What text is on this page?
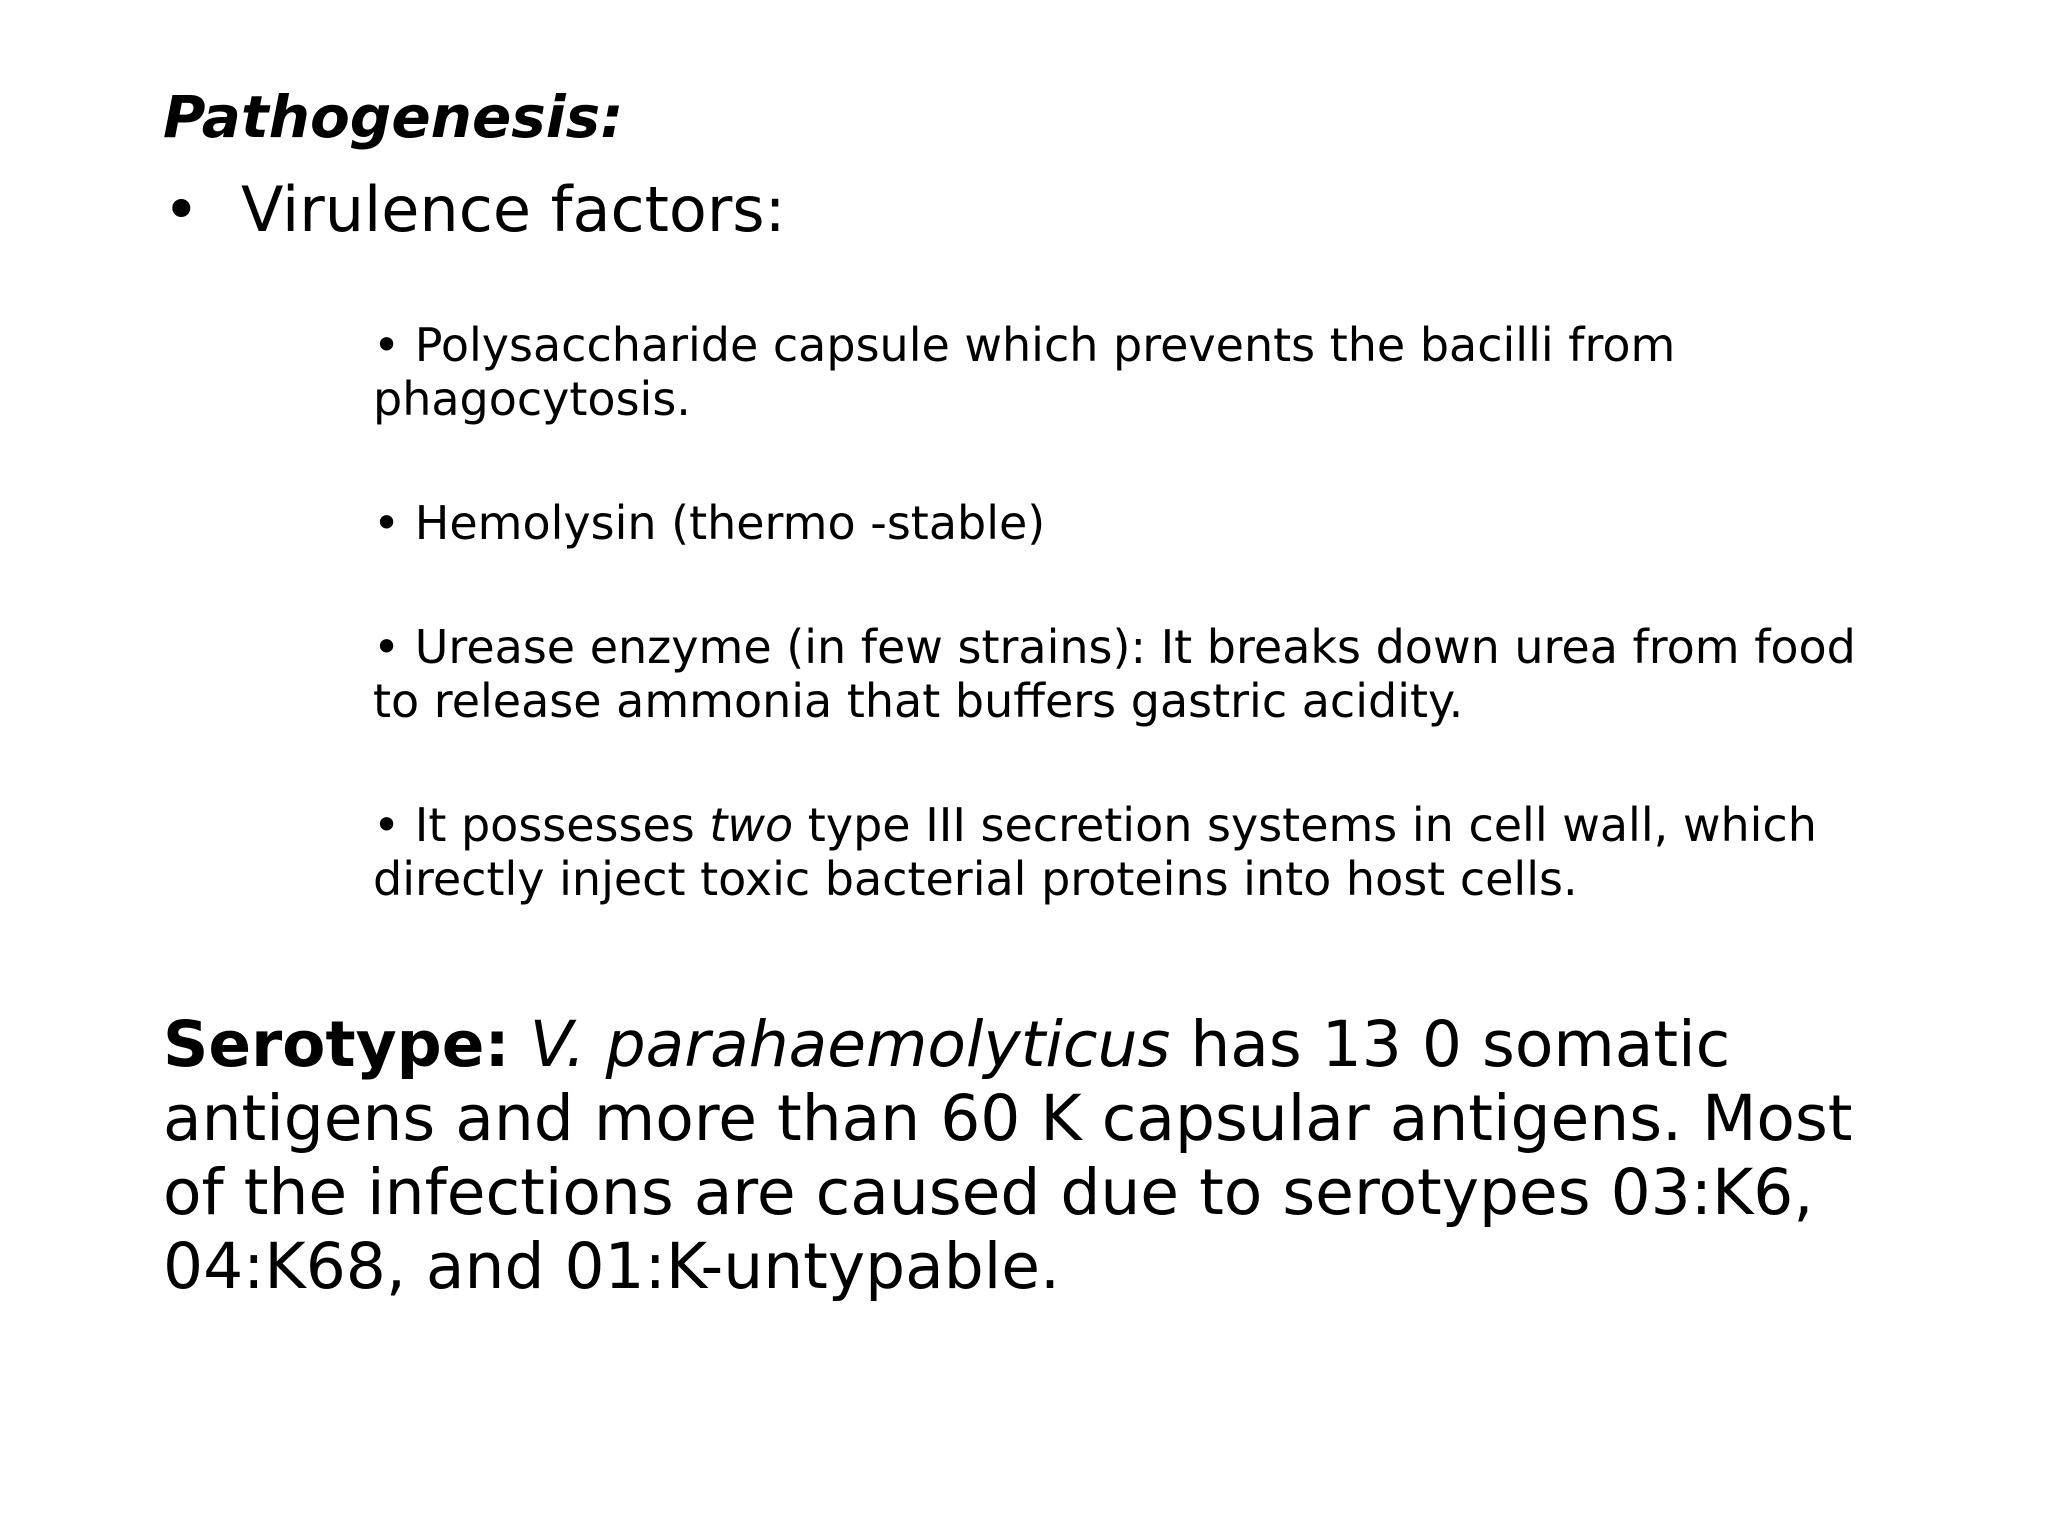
Pathogenesis:
• Virulence factors:
• Polysaccharide capsule which prevents the bacilli from phagocytosis.
• Hemolysin (thermo -stable)
• Urease enzyme (in few strains): It breaks down urea from food to release ammonia that buffers gastric acidity.
• It possesses two type III secretion systems in cell wall, which directly inject toxic bacterial proteins into host cells.
Serotype: V. parahaemolyticus has 13 0 somatic antigens and more than 60 K capsular antigens. Most of the infections are caused due to serotypes 03:K6, 04:K68, and 01:K-untypable.
